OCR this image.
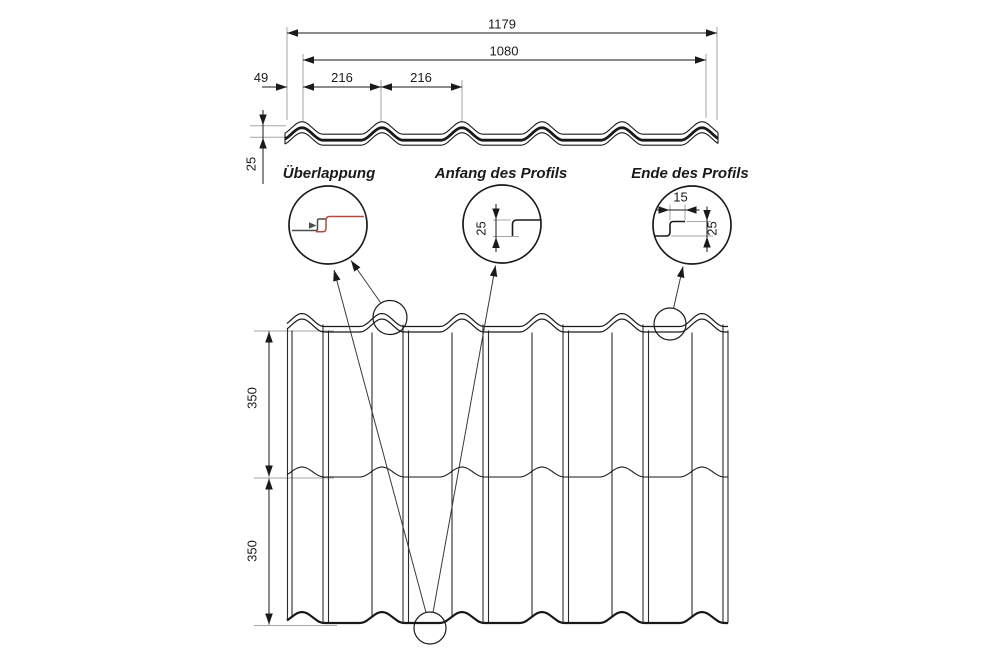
1179
1080
49	216	216
25
Überlappung	Anfang des Profils	Ende des Profils
25
15
25
350
350
